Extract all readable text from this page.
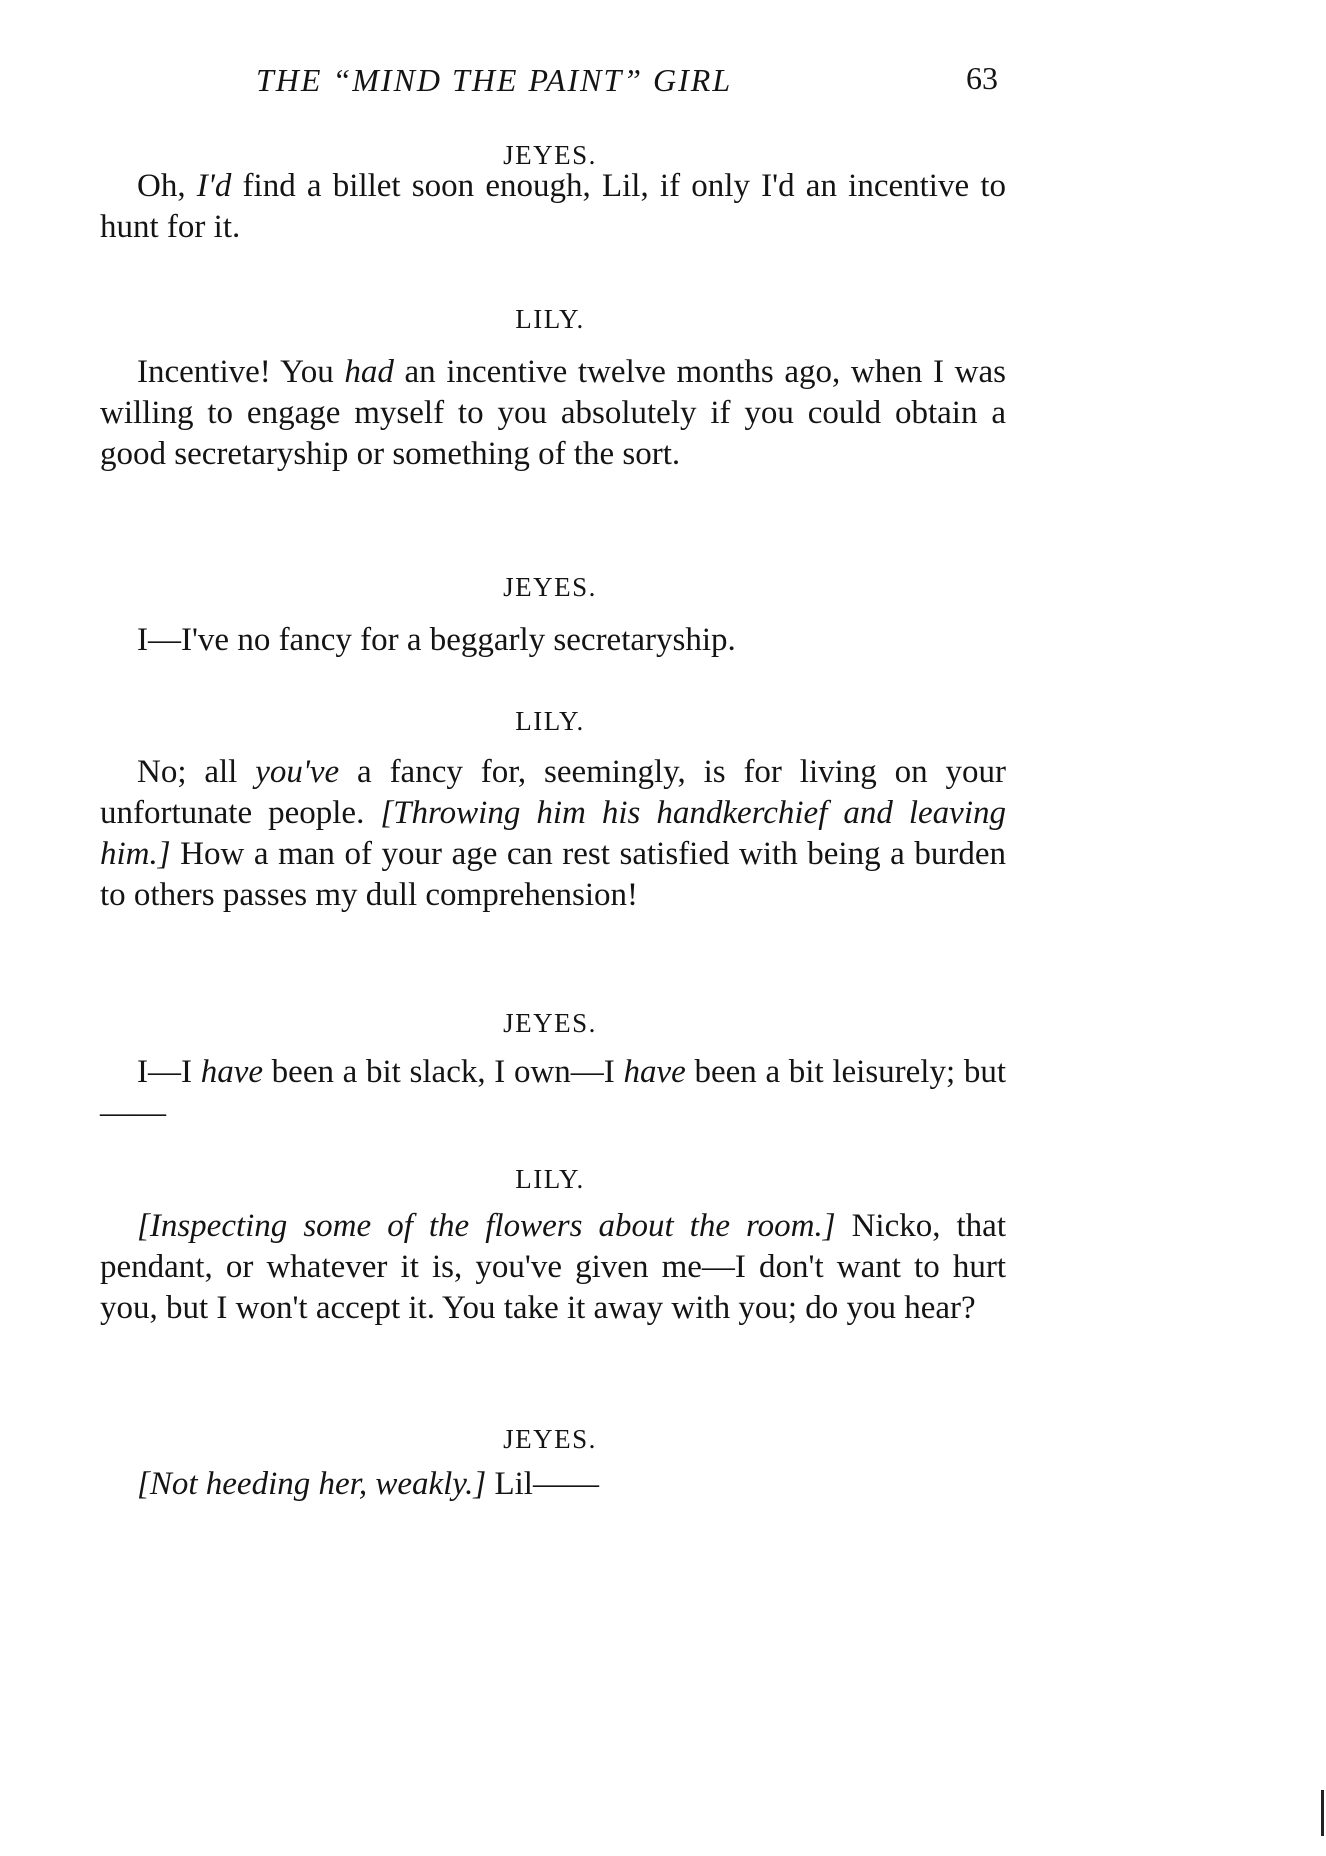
THE “MIND THE PAINT” GIRL	63
JEYES.

Oh, I'd find a billet soon enough, Lil, if only I'd an incentive to hunt for it.

LILY.

Incentive! You had an incentive twelve months ago, when I was willing to engage myself to you absolutely if you could obtain a good secretaryship or something of the sort.

JEYES.

I—I've no fancy for a beggarly secretaryship.

LILY.

No; all you've a fancy for, seemingly, is for living on your unfortunate people. [Throwing him his handkerchief and leaving him.] How a man of your age can rest satisfied with being a burden to others passes my dull comprehension!

JEYES.

I—I have been a bit slack, I own—I have been a bit leisurely; but——

LILY.

[Inspecting some of the flowers about the room.] Nicko, that pendant, or whatever it is, you've given me—I don't want to hurt you, but I won't accept it. You take it away with you; do you hear?

JEYES.

[Not heeding her, weakly.] Lil——
